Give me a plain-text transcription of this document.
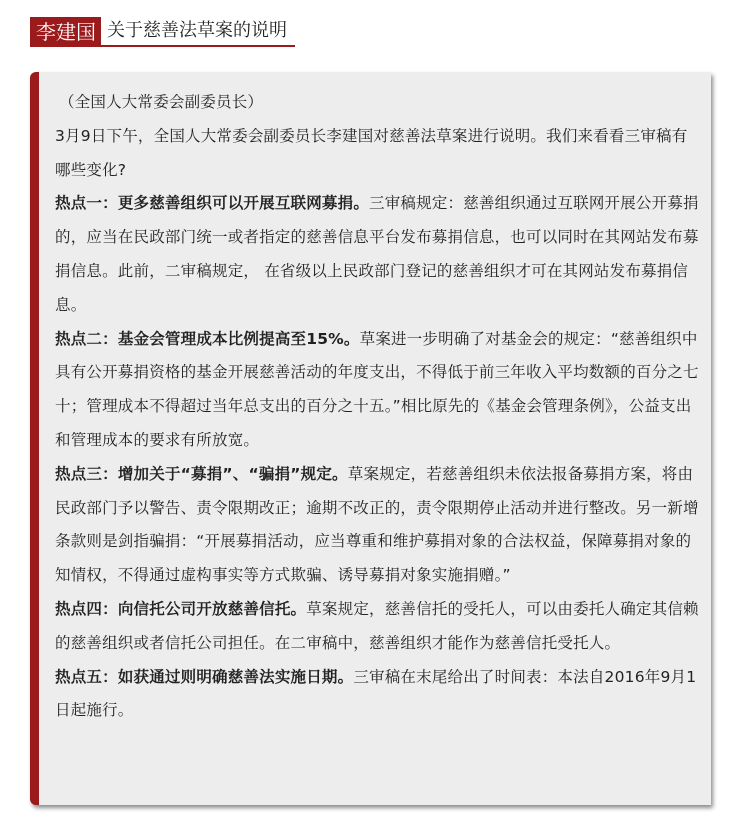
李建国 关于慈善法草案的说明

（全国人大常委会副委员长）

3月9日下午，全国人大常委会副委员长李建国对慈善法草案进行说明。我们来看看三审稿有哪些变化?

热点一：更多慈善组织可以开展互联网募捐。三审稿规定：慈善组织通过互联网开展公开募捐的，应当在民政部门统一或者指定的慈善信息平台发布募捐信息，也可以同时在其网站发布募捐信息。此前，二审稿规定， 在省级以上民政部门登记的慈善组织才可在其网站发布募捐信息。

热点二：基金会管理成本比例提高至15%。草案进一步明确了对基金会的规定：“慈善组织中具有公开募捐资格的基金开展慈善活动的年度支出，不得低于前三年收入平均数额的百分之七十；管理成本不得超过当年总支出的百分之十五。”相比原先的《基金会管理条例》，公益支出和管理成本的要求有所放宽。

热点三：增加关于“募捐”、“骗捐”规定。草案规定，若慈善组织未依法报备募捐方案，将由民政部门予以警告、责令限期改正；逾期不改正的，责令限期停止活动并进行整改。另一新增条款则是剑指骗捐：“开展募捐活动，应当尊重和维护募捐对象的合法权益，保障募捐对象的知情权，不得通过虚构事实等方式欺骗、诱导募捐对象实施捐赠。”

热点四：向信托公司开放慈善信托。草案规定，慈善信托的受托人，可以由委托人确定其信赖的慈善组织或者信托公司担任。在二审稿中，慈善组织才能作为慈善信托受托人。

热点五：如获通过则明确慈善法实施日期。三审稿在末尾给出了时间表：本法自2016年9月1日起施行。
